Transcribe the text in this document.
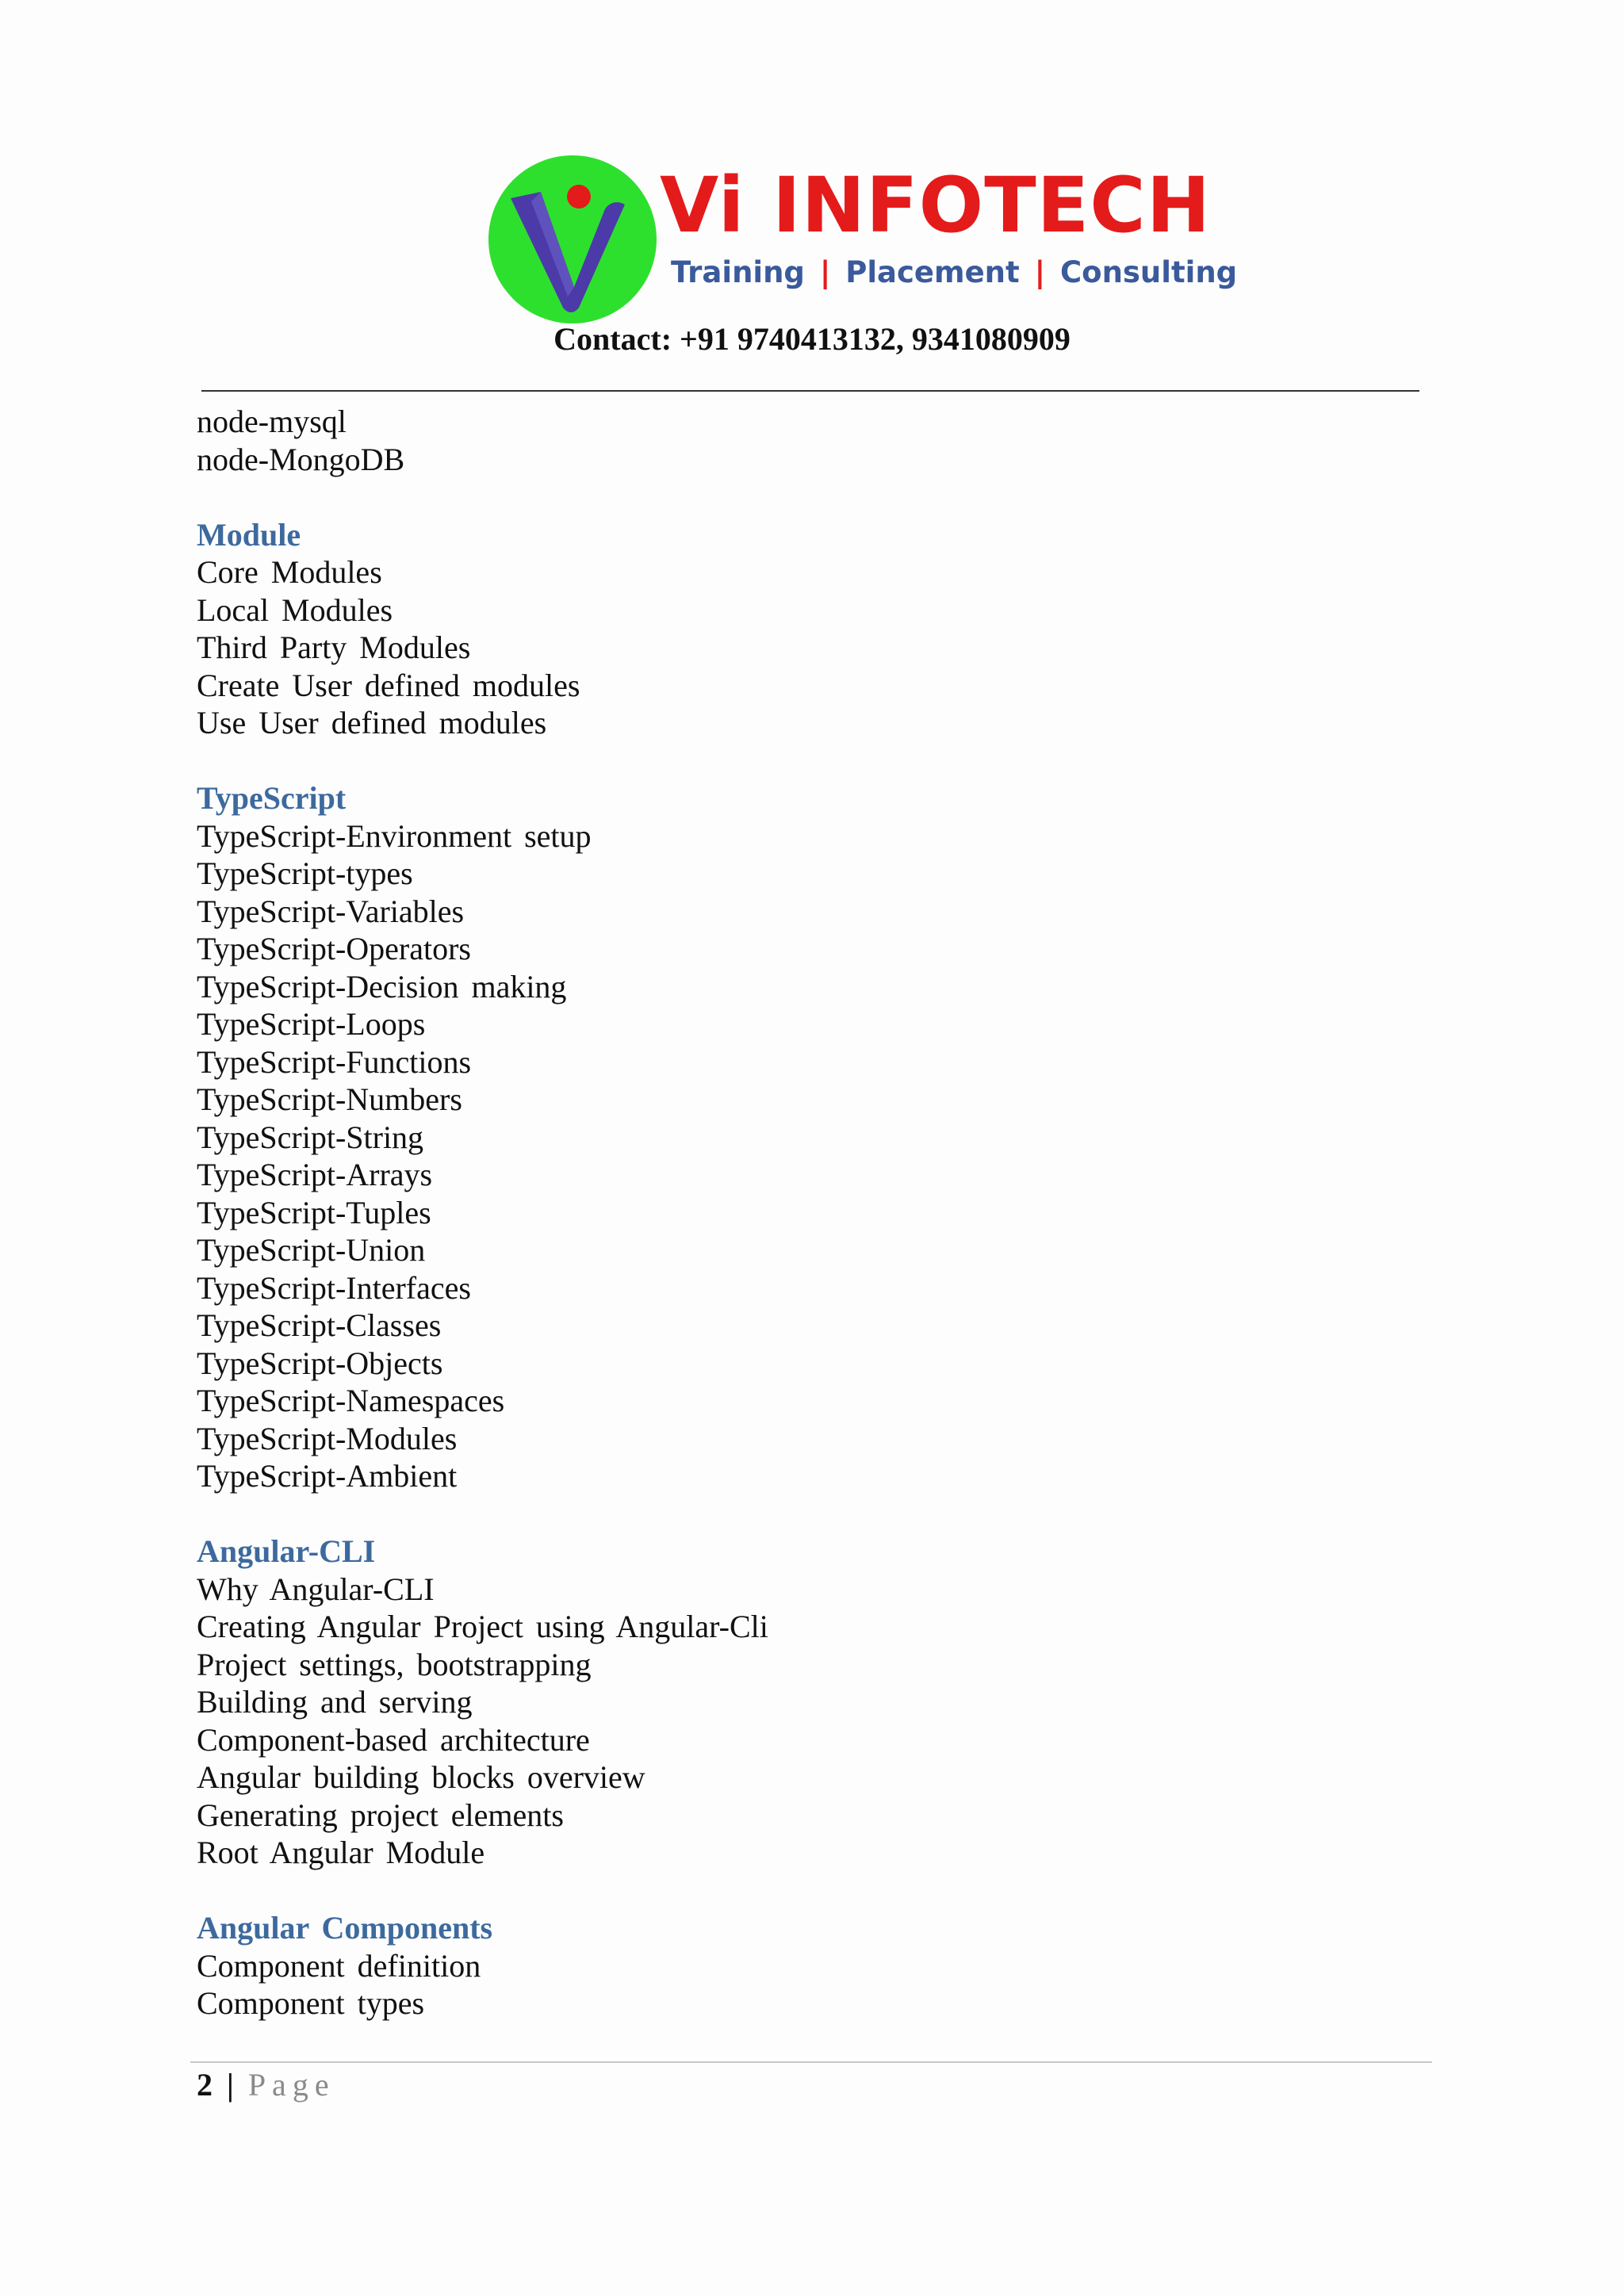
Vi INFOTECH
Training | Placement | Consulting
Contact: +91 9740413132, 9341080909
node-mysql
node-MongoDB
Module
Core Modules
Local Modules
Third Party Modules
Create User defined modules
Use User defined modules
TypeScript
TypeScript-Environment setup
TypeScript-types
TypeScript-Variables
TypeScript-Operators
TypeScript-Decision making
TypeScript-Loops
TypeScript-Functions
TypeScript-Numbers
TypeScript-String
TypeScript-Arrays
TypeScript-Tuples
TypeScript-Union
TypeScript-Interfaces
TypeScript-Classes
TypeScript-Objects
TypeScript-Namespaces
TypeScript-Modules
TypeScript-Ambient
Angular-CLI
Why Angular-CLI
Creating Angular Project using Angular-Cli
Project settings, bootstrapping
Building and serving
Component-based architecture
Angular building blocks overview
Generating project elements
Root Angular Module
Angular Components
Component definition
Component types
2 | Page
